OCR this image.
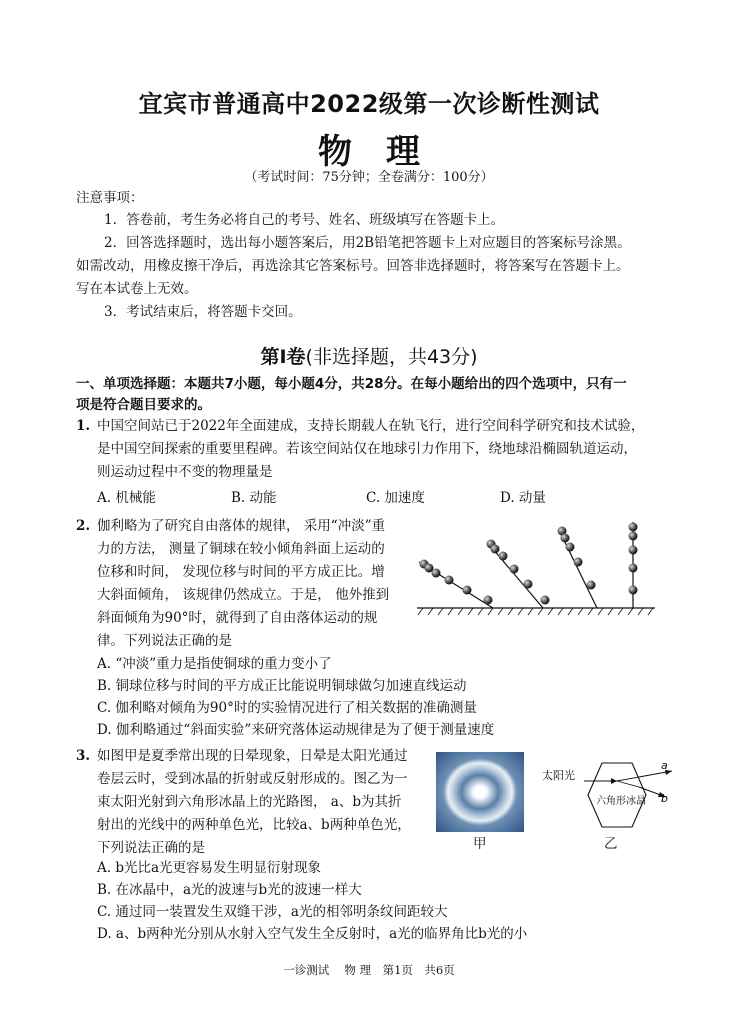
宜宾市普通高中2022级第一次诊断性测试
物　理
（考试时间：75分钟；全卷满分：100分）
注意事项：
1．答卷前，考生务必将自己的考号、姓名、班级填写在答题卡上。
2．回答选择题时，选出每小题答案后，用2B铅笔把答题卡上对应题目的答案标号涂黑。
如需改动，用橡皮擦干净后，再选涂其它答案标号。回答非选择题时，将答案写在答题卡上。
写在本试卷上无效。
3．考试结束后，将答题卡交回。
第Ⅰ卷(非选择题，共43分)
一、单项选择题：本题共7小题，每小题4分，共28分。在每小题给出的四个选项中，只有一
项是符合题目要求的。
1. 中国空间站已于2022年全面建成，支持长期载人在轨飞行，进行空间科学研究和技术试验，
是中国空间探索的重要里程碑。若该空间站仅在地球引力作用下，绕地球沿椭圆轨道运动，
则运动过程中不变的物理量是
A. 机械能	B. 动能	C. 加速度	D. 动量
2. 伽利略为了研究自由落体的规律， 采用“冲淡”重
力的方法， 测量了铜球在较小倾角斜面上运动的
位移和时间， 发现位移与时间的平方成正比。增
大斜面倾角， 该规律仍然成立。于是， 他外推到
斜面倾角为90°时，就得到了自由落体运动的规
律。下列说法正确的是
A. “冲淡”重力是指使铜球的重力变小了
B. 铜球位移与时间的平方成正比能说明铜球做匀加速直线运动
C. 伽利略对倾角为90°时的实验情况进行了相关数据的准确测量
D. 伽利略通过“斜面实验”来研究落体运动规律是为了便于测量速度
3. 如图甲是夏季常出现的日晕现象，日晕是太阳光通过
卷层云时，受到冰晶的折射或反射形成的。图乙为一
束太阳光射到六角形冰晶上的光路图， a、b为其折
射出的光线中的两种单色光，比较a、b两种单色光，
下列说法正确的是	甲
太阳光
六角形冰晶
a
b
乙
A. b光比a光更容易发生明显衍射现象
B. 在冰晶中，a光的波速与b光的波速一样大
C. 通过同一装置发生双缝干涉，a光的相邻明条纹间距较大
D. a、b两种光分别从水射入空气发生全反射时，a光的临界角比b光的小
一诊测试　 物 理　第1页　共6页
